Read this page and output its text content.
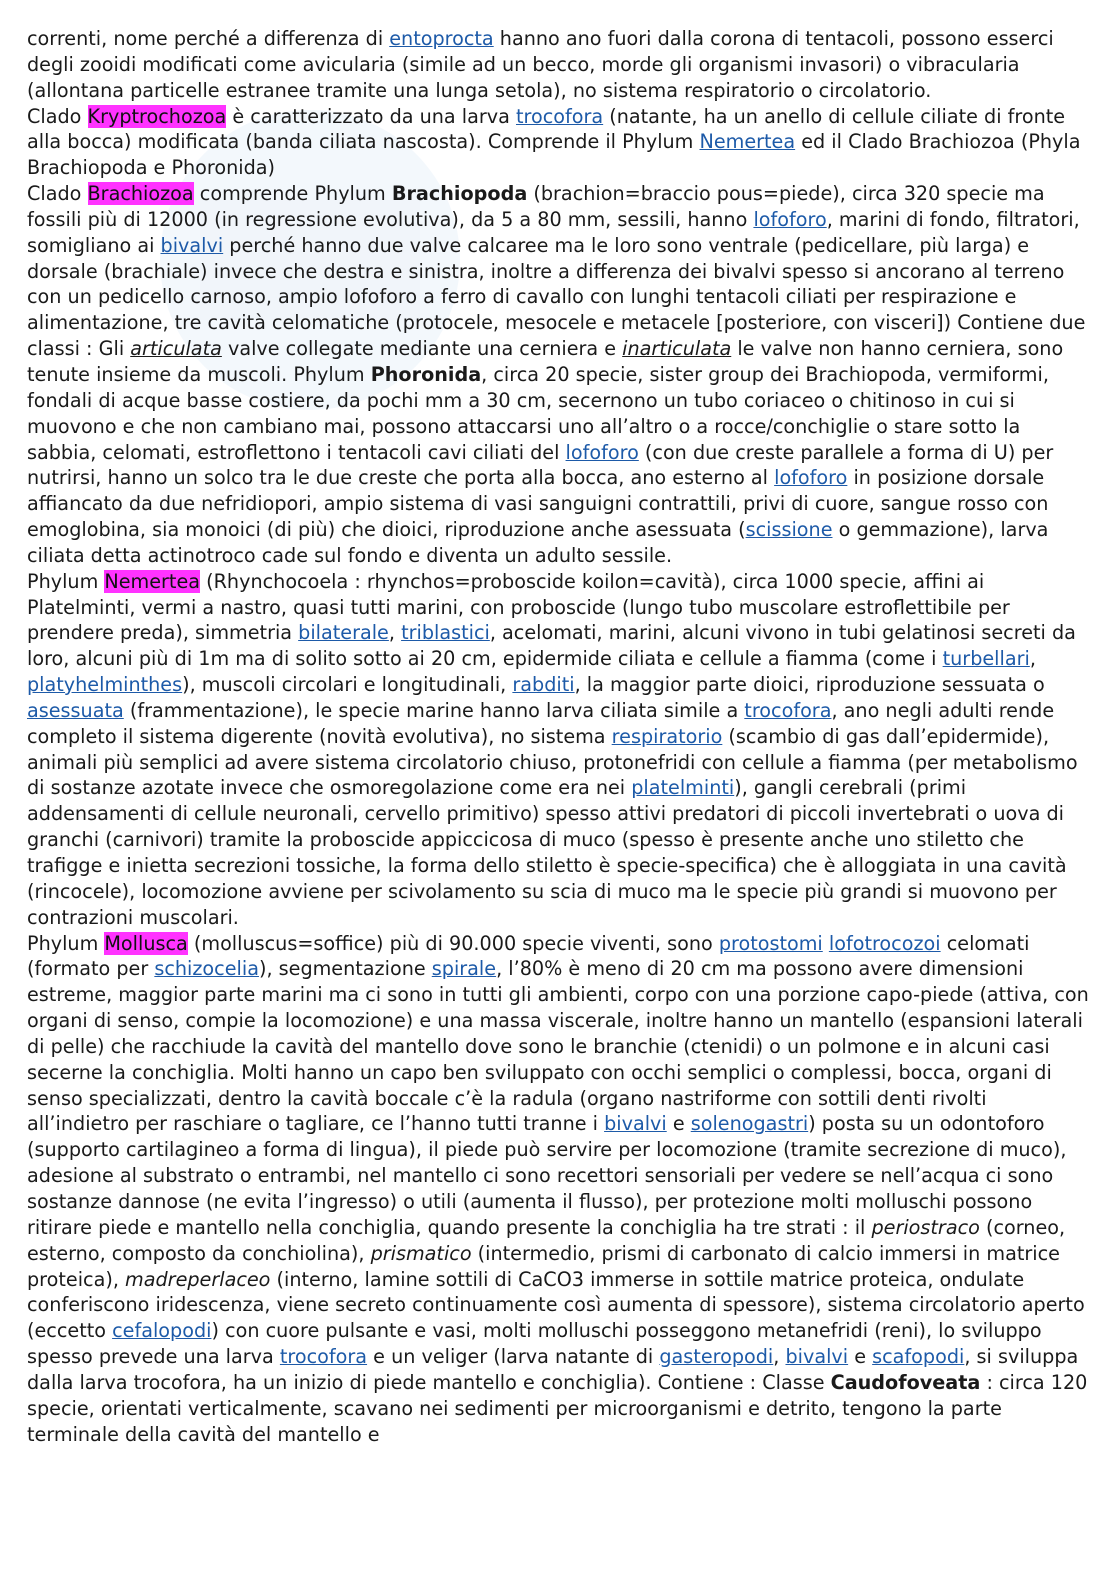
correnti, nome perché a differenza di entoprocta hanno ano fuori dalla corona di tentacoli, possono esserci degli zooidi modificati come avicularia (simile ad un becco, morde gli organismi invasori) o vibracularia (allontana particelle estranee tramite una lunga setola), no sistema respiratorio o circolatorio.

Clado Kryptrochozoa è caratterizzato da una larva trocofora (natante, ha un anello di cellule ciliate di fronte alla bocca) modificata (banda ciliata nascosta). Comprende il Phylum Nemertea ed il Clado Brachiozoa (Phyla Brachiopoda e Phoronida)

Clado Brachiozoa comprende Phylum Brachiopoda (brachion=braccio pous=piede), circa 320 specie ma fossili più di 12000 (in regressione evolutiva), da 5 a 80 mm, sessili, hanno lofoforo, marini di fondo, filtratori, somigliano ai bivalvi perché hanno due valve calcaree ma le loro sono ventrale (pedicellare, più larga) e dorsale (brachiale) invece che destra e sinistra, inoltre a differenza dei bivalvi spesso si ancorano al terreno con un pedicello carnoso, ampio lofoforo a ferro di cavallo con lunghi tentacoli ciliati per respirazione e alimentazione, tre cavità celomatiche (protocele, mesocele e metacele [posteriore, con visceri]) Contiene due classi : Gli articulata valve collegate mediante una cerniera e inarticulata le valve non hanno cerniera, sono tenute insieme da muscoli. Phylum Phoronida, circa 20 specie, sister group dei Brachiopoda, vermiformi, fondali di acque basse costiere, da pochi mm a 30 cm, secernono un tubo coriaceo o chitinoso in cui si muovono e che non cambiano mai, possono attaccarsi uno all’altro o a rocce/conchiglie o stare sotto la sabbia, celomati, estroflettono i tentacoli cavi ciliati del lofoforo (con due creste parallele a forma di U) per nutrirsi, hanno un solco tra le due creste che porta alla bocca, ano esterno al lofoforo in posizione dorsale affiancato da due nefridiopori, ampio sistema di vasi sanguigni contrattili, privi di cuore, sangue rosso con emoglobina, sia monoici (di più) che dioici, riproduzione anche asessuata (scissione o gemmazione), larva ciliata detta actinotroco cade sul fondo e diventa un adulto sessile.

Phylum Nemertea (Rhynchocoela : rhynchos=proboscide koilon=cavità), circa 1000 specie, affini ai Platelminti, vermi a nastro, quasi tutti marini, con proboscide (lungo tubo muscolare estroflettibile per prendere preda), simmetria bilaterale, triblastici, acelomati, marini, alcuni vivono in tubi gelatinosi secreti da loro, alcuni più di 1m ma di solito sotto ai 20 cm, epidermide ciliata e cellule a fiamma (come i turbellari, platyhelminthes), muscoli circolari e longitudinali, rabditi, la maggior parte dioici, riproduzione sessuata o asessuata (frammentazione), le specie marine hanno larva ciliata simile a trocofora, ano negli adulti rende completo il sistema digerente (novità evolutiva), no sistema respiratorio (scambio di gas dall’epidermide), animali più semplici ad avere sistema circolatorio chiuso, protonefridi con cellule a fiamma (per metabolismo di sostanze azotate invece che osmoregolazione come era nei platelminti), gangli cerebrali (primi addensamenti di cellule neuronali, cervello primitivo) spesso attivi predatori di piccoli invertebrati o uova di granchi (carnivori) tramite la proboscide appiccicosa di muco (spesso è presente anche uno stiletto che trafigge e inietta secrezioni tossiche, la forma dello stiletto è specie-specifica) che è alloggiata in una cavità (rincocele), locomozione avviene per scivolamento su scia di muco ma le specie più grandi si muovono per contrazioni muscolari.

Phylum Mollusca (molluscus=soffice) più di 90.000 specie viventi, sono protostomi lofotrocozoi celomati (formato per schizocelia), segmentazione spirale, l’80% è meno di 20 cm ma possono avere dimensioni estreme, maggior parte marini ma ci sono in tutti gli ambienti, corpo con una porzione capo-piede (attiva, con organi di senso, compie la locomozione) e una massa viscerale, inoltre hanno un mantello (espansioni laterali di pelle) che racchiude la cavità del mantello dove sono le branchie (ctenidi) o un polmone e in alcuni casi secerne la conchiglia. Molti hanno un capo ben sviluppato con occhi semplici o complessi, bocca, organi di senso specializzati, dentro la cavità boccale c’è la radula (organo nastriforme con sottili denti rivolti all’indietro per raschiare o tagliare, ce l’hanno tutti tranne i bivalvi e solenogastri) posta su un odontoforo (supporto cartilagineo a forma di lingua), il piede può servire per locomozione (tramite secrezione di muco), adesione al substrato o entrambi, nel mantello ci sono recettori sensoriali per vedere se nell’acqua ci sono sostanze dannose (ne evita l’ingresso) o utili (aumenta il flusso), per protezione molti molluschi possono ritirare piede e mantello nella conchiglia, quando presente la conchiglia ha tre strati : il periostraco (corneo, esterno, composto da conchiolina), prismatico (intermedio, prismi di carbonato di calcio immersi in matrice proteica), madreperlaceo (interno, lamine sottili di CaCO3 immerse in sottile matrice proteica, ondulate conferiscono iridescenza, viene secreto continuamente così aumenta di spessore), sistema circolatorio aperto (eccetto cefalopodi) con cuore pulsante e vasi, molti molluschi posseggono metanefridi (reni), lo sviluppo spesso prevede una larva trocofora e un veliger (larva natante di gasteropodi, bivalvi e scafopodi, si sviluppa dalla larva trocofora, ha un inizio di piede mantello e conchiglia). Contiene : Classe Caudofoveata : circa 120 specie, orientati verticalmente, scavano nei sedimenti per microorganismi e detrito, tengono la parte terminale della cavità del mantello e
